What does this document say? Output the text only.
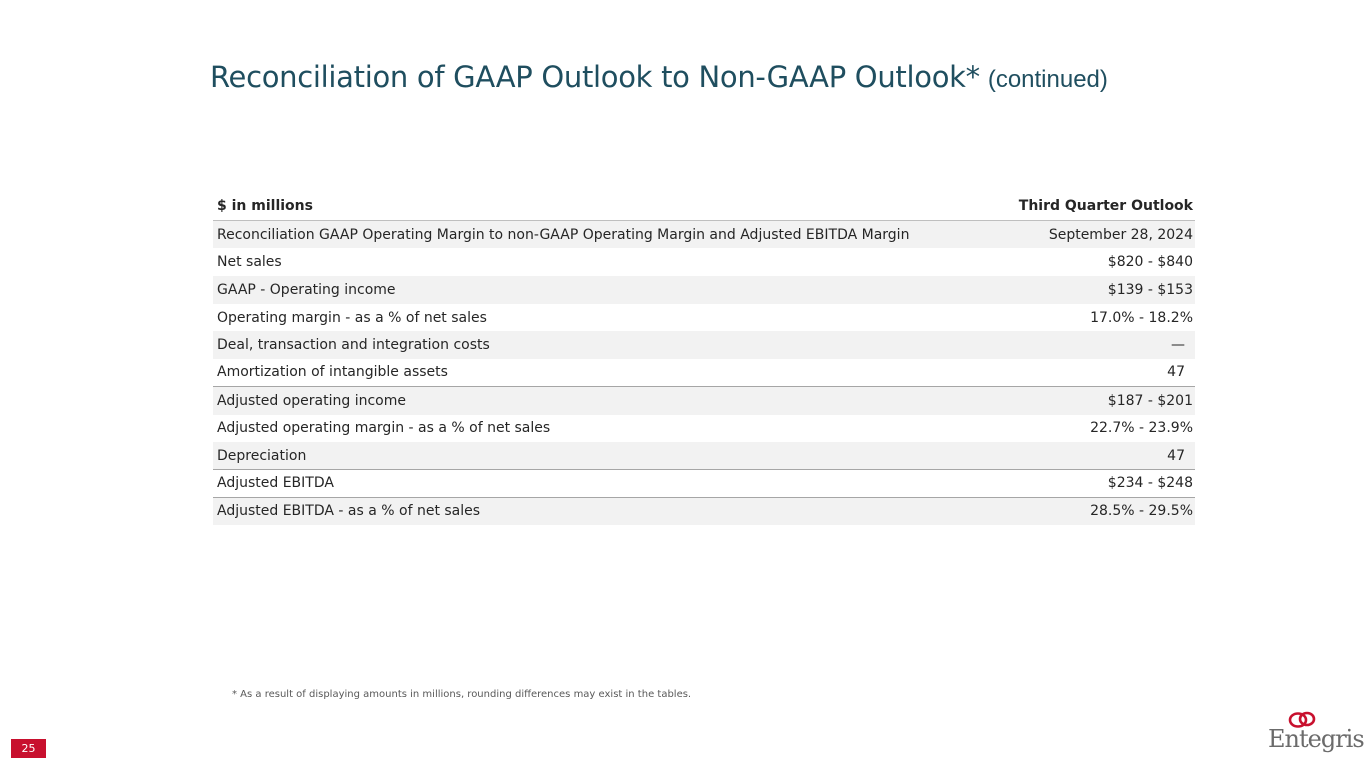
Reconciliation of GAAP Outlook to Non-GAAP Outlook* (continued)
$ in millions	Third Quarter Outlook
Reconciliation GAAP Operating Margin to non-GAAP Operating Margin and Adjusted EBITDA Margin	September 28, 2024
Net sales	$820 - $840
GAAP - Operating income	$139 - $153
Operating margin - as a % of net sales	17.0% - 18.2%
Deal, transaction and integration costs	—
Amortization of intangible assets	47
Adjusted operating income	$187 - $201
Adjusted operating margin - as a % of net sales	22.7% - 23.9%
Depreciation	47
Adjusted EBITDA	$234 - $248
Adjusted EBITDA - as a % of net sales	28.5% - 29.5%
* As a result of displaying amounts in millions, rounding differences may exist in the tables.
25	Entegris
